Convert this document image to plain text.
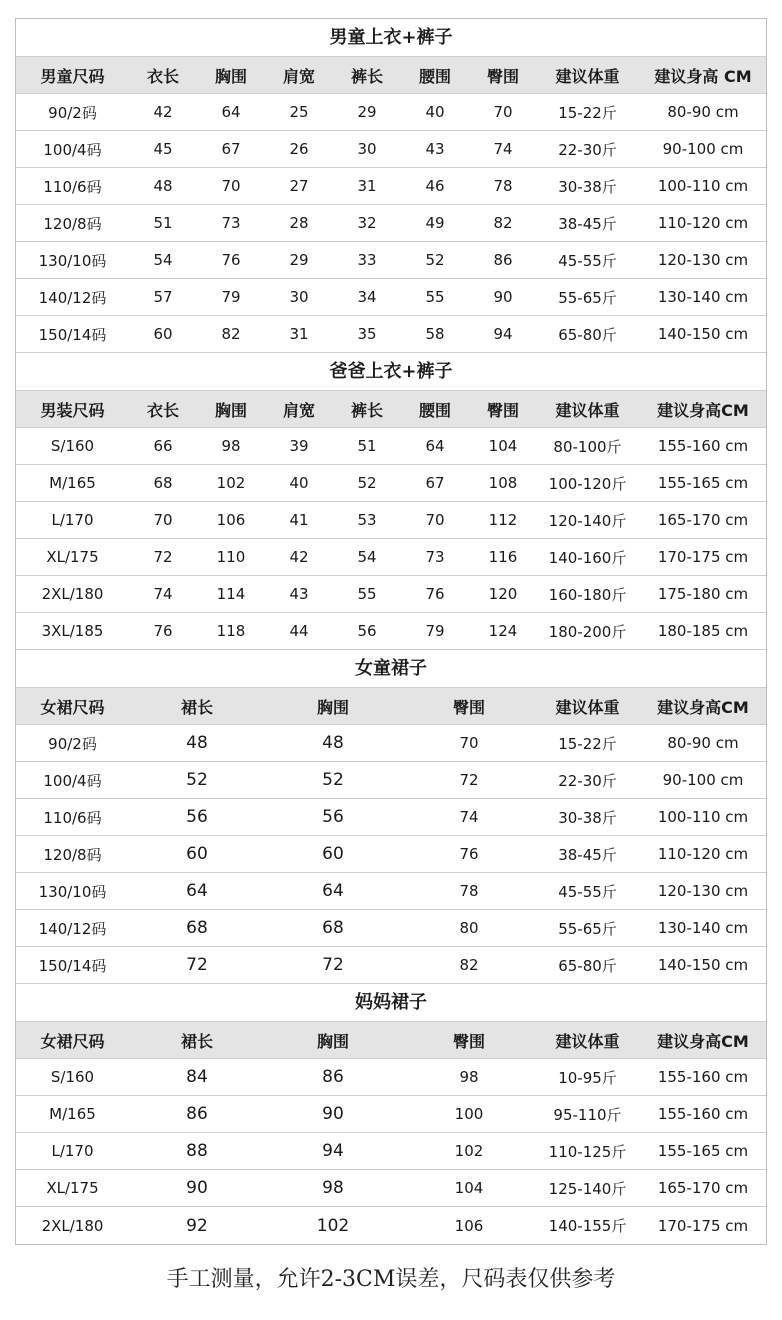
男童上衣+裤子
男童尺码	衣长	胸围	肩宽	裤长	腰围	臀围	建议体重	建议身高 CM
90/2码	42	64	25	29	40	70	15-22斤	80-90 cm
100/4码	45	67	26	30	43	74	22-30斤	90-100 cm
110/6码	48	70	27	31	46	78	30-38斤	100-110 cm
120/8码	51	73	28	32	49	82	38-45斤	110-120 cm
130/10码	54	76	29	33	52	86	45-55斤	120-130 cm
140/12码	57	79	30	34	55	90	55-65斤	130-140 cm
150/14码	60	82	31	35	58	94	65-80斤	140-150 cm
爸爸上衣+裤子
男装尺码	衣长	胸围	肩宽	裤长	腰围	臀围	建议体重	建议身高CM
S/160	66	98	39	51	64	104	80-100斤	155-160 cm
M/165	68	102	40	52	67	108	100-120斤	155-165 cm
L/170	70	106	41	53	70	112	120-140斤	165-170 cm
XL/175	72	110	42	54	73	116	140-160斤	170-175 cm
2XL/180	74	114	43	55	76	120	160-180斤	175-180 cm
3XL/185	76	118	44	56	79	124	180-200斤	180-185 cm
女童裙子
女裙尺码	裙长	胸围	臀围	建议体重	建议身高CM
90/2码	48	48	70	15-22斤	80-90 cm
100/4码	52	52	72	22-30斤	90-100 cm
110/6码	56	56	74	30-38斤	100-110 cm
120/8码	60	60	76	38-45斤	110-120 cm
130/10码	64	64	78	45-55斤	120-130 cm
140/12码	68	68	80	55-65斤	130-140 cm
150/14码	72	72	82	65-80斤	140-150 cm
妈妈裙子
女裙尺码	裙长	胸围	臀围	建议体重	建议身高CM
S/160	84	86	98	10-95斤	155-160 cm
M/165	86	90	100	95-110斤	155-160 cm
L/170	88	94	102	110-125斤	155-165 cm
XL/175	90	98	104	125-140斤	165-170 cm
2XL/180	92	102	106	140-155斤	170-175 cm
手工测量，允许2-3CM误差，尺码表仅供参考
